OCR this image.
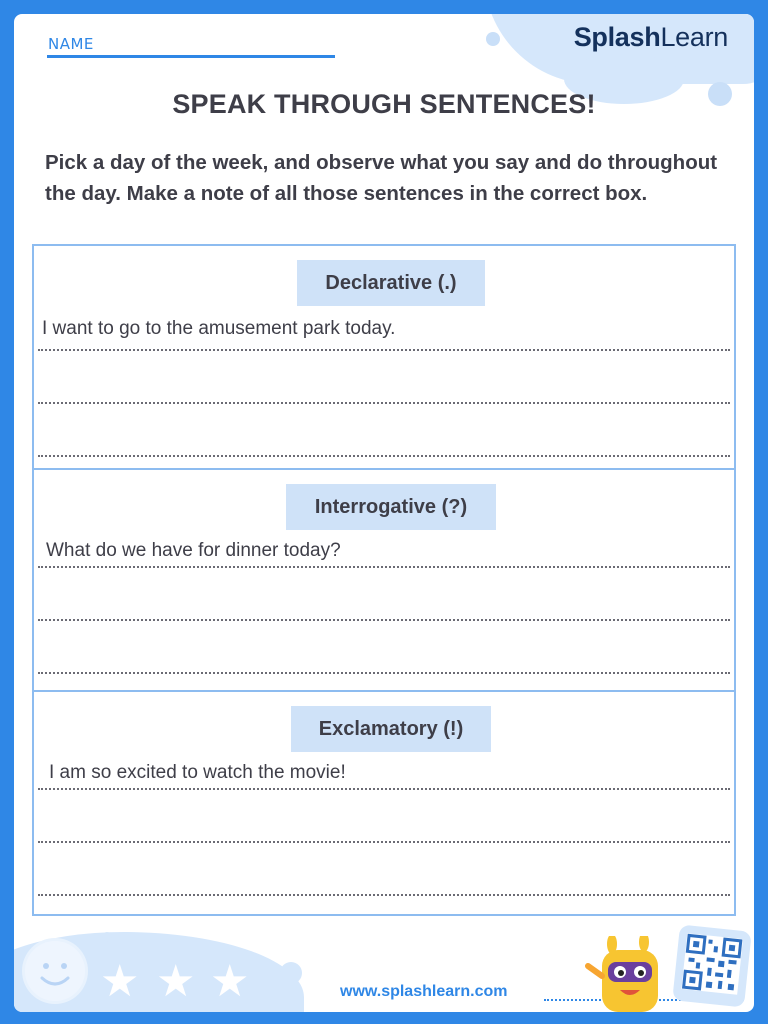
SplashLearn
NAME
SPEAK THROUGH SENTENCES!
Pick a day of the week, and observe what you say and do throughout the day. Make a note of all those sentences in the correct box.
Declarative (.)
I want to go to the amusement park today.
Interrogative (?)
What do we have for dinner today?
Exclamatory (!)
I am so excited to watch the movie!
★ ★ ★	www.splashlearn.com
